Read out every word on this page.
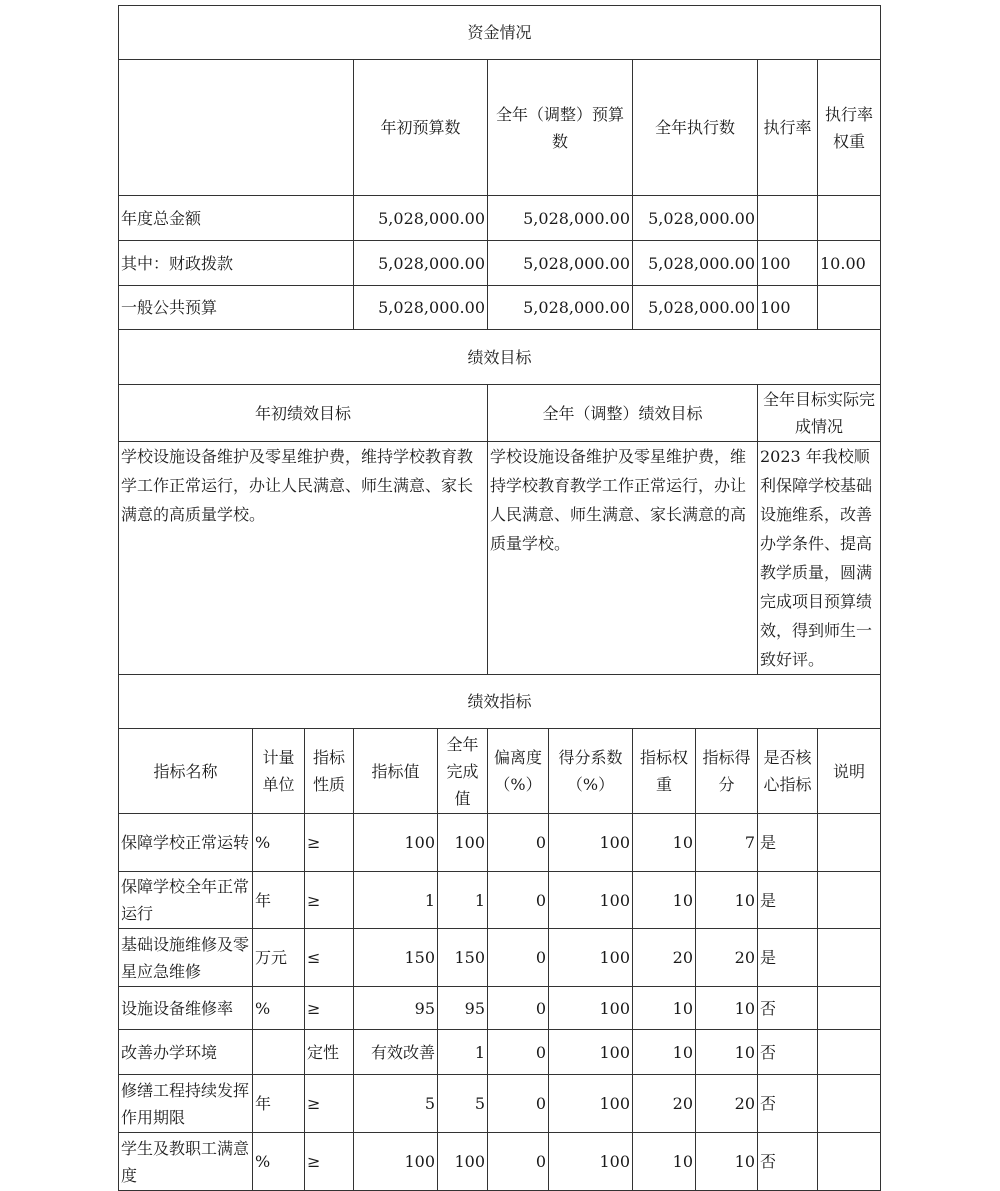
资金情况											
			年初预算数		全年（调整）预算数		全年执行数		执行率	执行率权重	
年度总金额			5,028,000.00		5,028,000.00		5,028,000.00				
其中：财政拨款			5,028,000.00		5,028,000.00		5,028,000.00		100	10.00	
一般公共预算			5,028,000.00		5,028,000.00		5,028,000.00		100		
绩效目标											
年初绩效目标					全年（调整）绩效目标				全年目标实际完成情况		
学校设施设备维护及零星维护费，维持学校教育教学工作正常运行，办让人民满意、师生满意、家长满意的高质量学校。					学校设施设备维护及零星维护费，维持学校教育教学工作正常运行，办让人民满意、师生满意、家长满意的高质量学校。				2023 年我校顺利保障学校基础设施维系，改善办学条件、提高教学质量，圆满完成项目预算绩效，得到师生一致好评。		
绩效指标											
指标名称	计量单位	指标性质	指标值	全年完成值	偏离度（%）	得分系数（%）	指标权重	指标得分	是否核心指标	说明	
保障学校正常运转	%	≥	100	100	0	100	10	7	是		
保障学校全年正常运行	年	≥	1	1	0	100	10	10	是		
基础设施维修及零星应急维修	万元	≤	150	150	0	100	20	20	是		
设施设备维修率	%	≥	95	95	0	100	10	10	否		
改善办学环境		定性	有效改善	1	0	100	10	10	否		
修缮工程持续发挥作用期限	年	≥	5	5	0	100	20	20	否		
学生及教职工满意度	%	≥	100	100	0	100	10	10	否		
